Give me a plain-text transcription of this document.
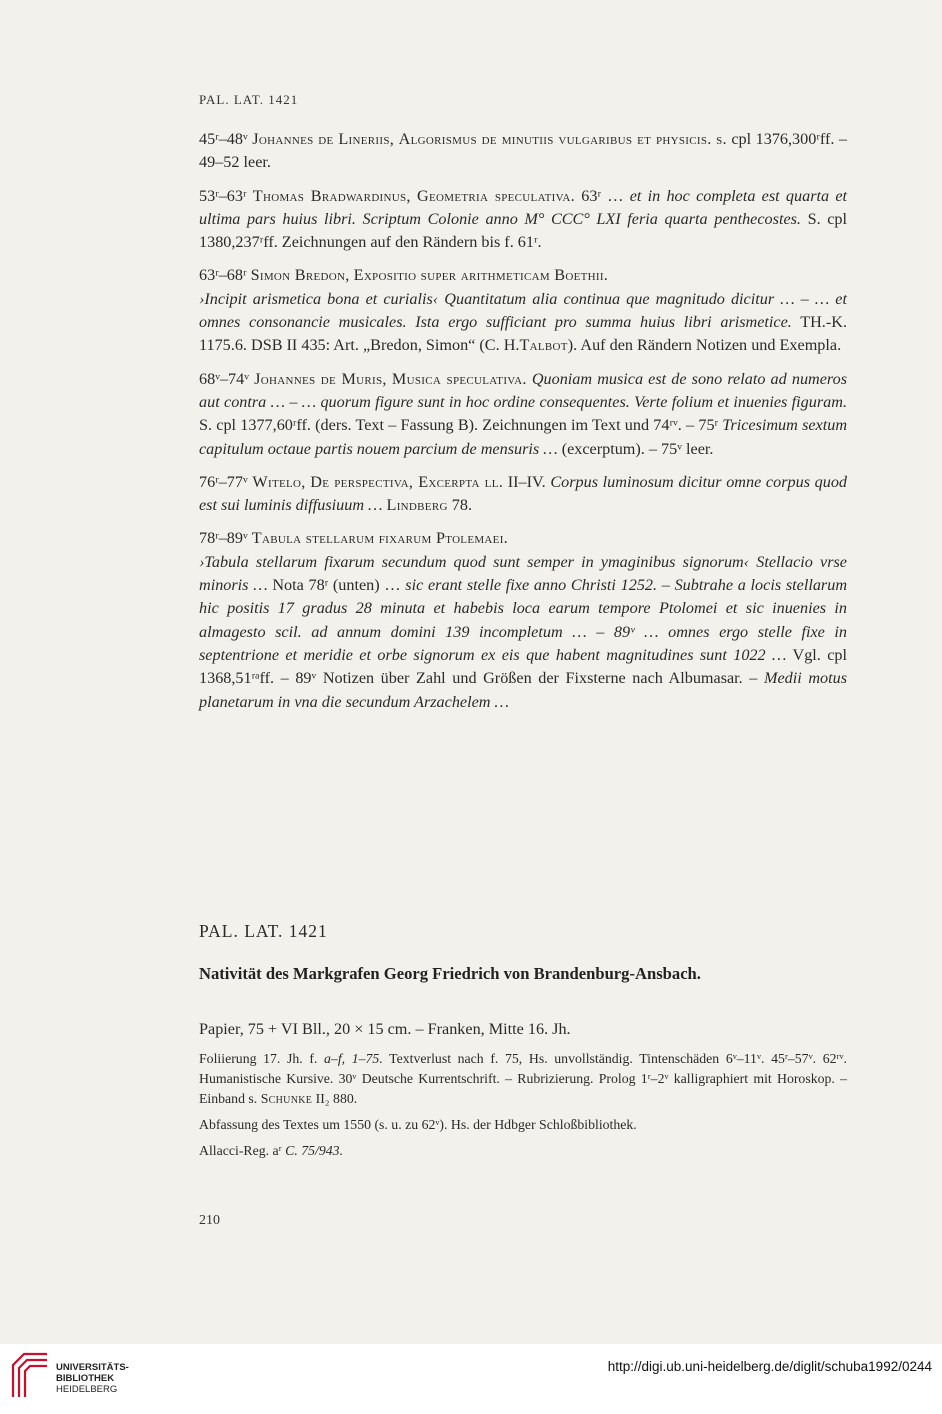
PAL. LAT. 1421

45ʳ–48ᵛ Johannes de Lineriis, Algorismus de minutiis vulgaribus et physicis. s. cpl 1376,300ʳff. – 49–52 leer.

53ʳ–63ʳ Thomas Bradwardinus, Geometria speculativa. 63ʳ … et in hoc completa est quarta et ultima pars huius libri. Scriptum Colonie anno M° CCC° LXI feria quarta penthecostes. S. cpl 1380,237ʳff. Zeichnungen auf den Rändern bis f. 61ʳ.

63ʳ–68ʳ Simon Bredon, Expositio super arithmeticam Boethii.

›Incipit arismetica bona et curialis‹ Quantitatum alia continua que magnitudo dicitur … – … et omnes consonancie musicales. Ista ergo sufficiant pro summa huius libri arismetice. TH.-K. 1175.6. DSB II 435: Art. „Bredon, Simon“ (C. H.Talbot). Auf den Rändern Notizen und Exempla.

68ᵛ–74ᵛ Johannes de Muris, Musica speculativa. Quoniam musica est de sono relato ad numeros aut contra … – … quorum figure sunt in hoc ordine consequentes. Verte folium et inuenies figuram. S. cpl 1377,60ʳff. (ders. Text – Fassung B). Zeichnungen im Text und 74ʳᵛ. – 75ʳ Tricesimum sextum capitulum octaue partis nouem parcium de mensuris … (excerptum). – 75ᵛ leer.

76ʳ–77ᵛ Witelo, De perspectiva, Excerpta ll. II–IV. Corpus luminosum dicitur omne corpus quod est sui luminis diffusiuum … Lindberg 78.

78ʳ–89ᵛ Tabula stellarum fixarum Ptolemaei.

›Tabula stellarum fixarum secundum quod sunt semper in ymaginibus signorum‹ Stellacio vrse minoris … Nota 78ʳ (unten) … sic erant stelle fixe anno Christi 1252. – Subtrahe a locis stellarum hic positis 17 gradus 28 minuta et habebis loca earum tempore Ptolomei et sic inuenies in almagesto scil. ad annum domini 139 incompletum … – 89ᵛ … omnes ergo stelle fixe in septentrione et meridie et orbe signorum ex eis que habent magnitudines sunt 1022 … Vgl. cpl 1368,51ʳᵃff. – 89ᵛ Notizen über Zahl und Größen der Fixsterne nach Albumasar. – Medii motus planetarum in vna die secundum Arzachelem …

PAL. LAT. 1421
Nativität des Markgrafen Georg Friedrich von Brandenburg-Ansbach.
Papier, 75 + VI Bll., 20 × 15 cm. – Franken, Mitte 16. Jh.

Foliierung 17. Jh. f. a–f, 1–75. Textverlust nach f. 75, Hs. unvollständig. Tintenschäden 6ᵛ–11ᵛ. 45ʳ–57ᵛ. 62ʳᵛ. Humanistische Kursive. 30ᵛ Deutsche Kurrentschrift. – Rubrizierung. Prolog 1ʳ–2ᵛ kalligraphiert mit Horoskop. – Einband s. Schunke II₂ 880.

Abfassung des Textes um 1550 (s. u. zu 62ᵛ). Hs. der Hdbger Schloßbibliothek.

Allacci-Reg. aʳ C. 75/943.

210
UNIVERSITÄTS-
BIBLIOTHEK
HEIDELBERG
http://digi.ub.uni-heidelberg.de/diglit/schuba1992/0244
